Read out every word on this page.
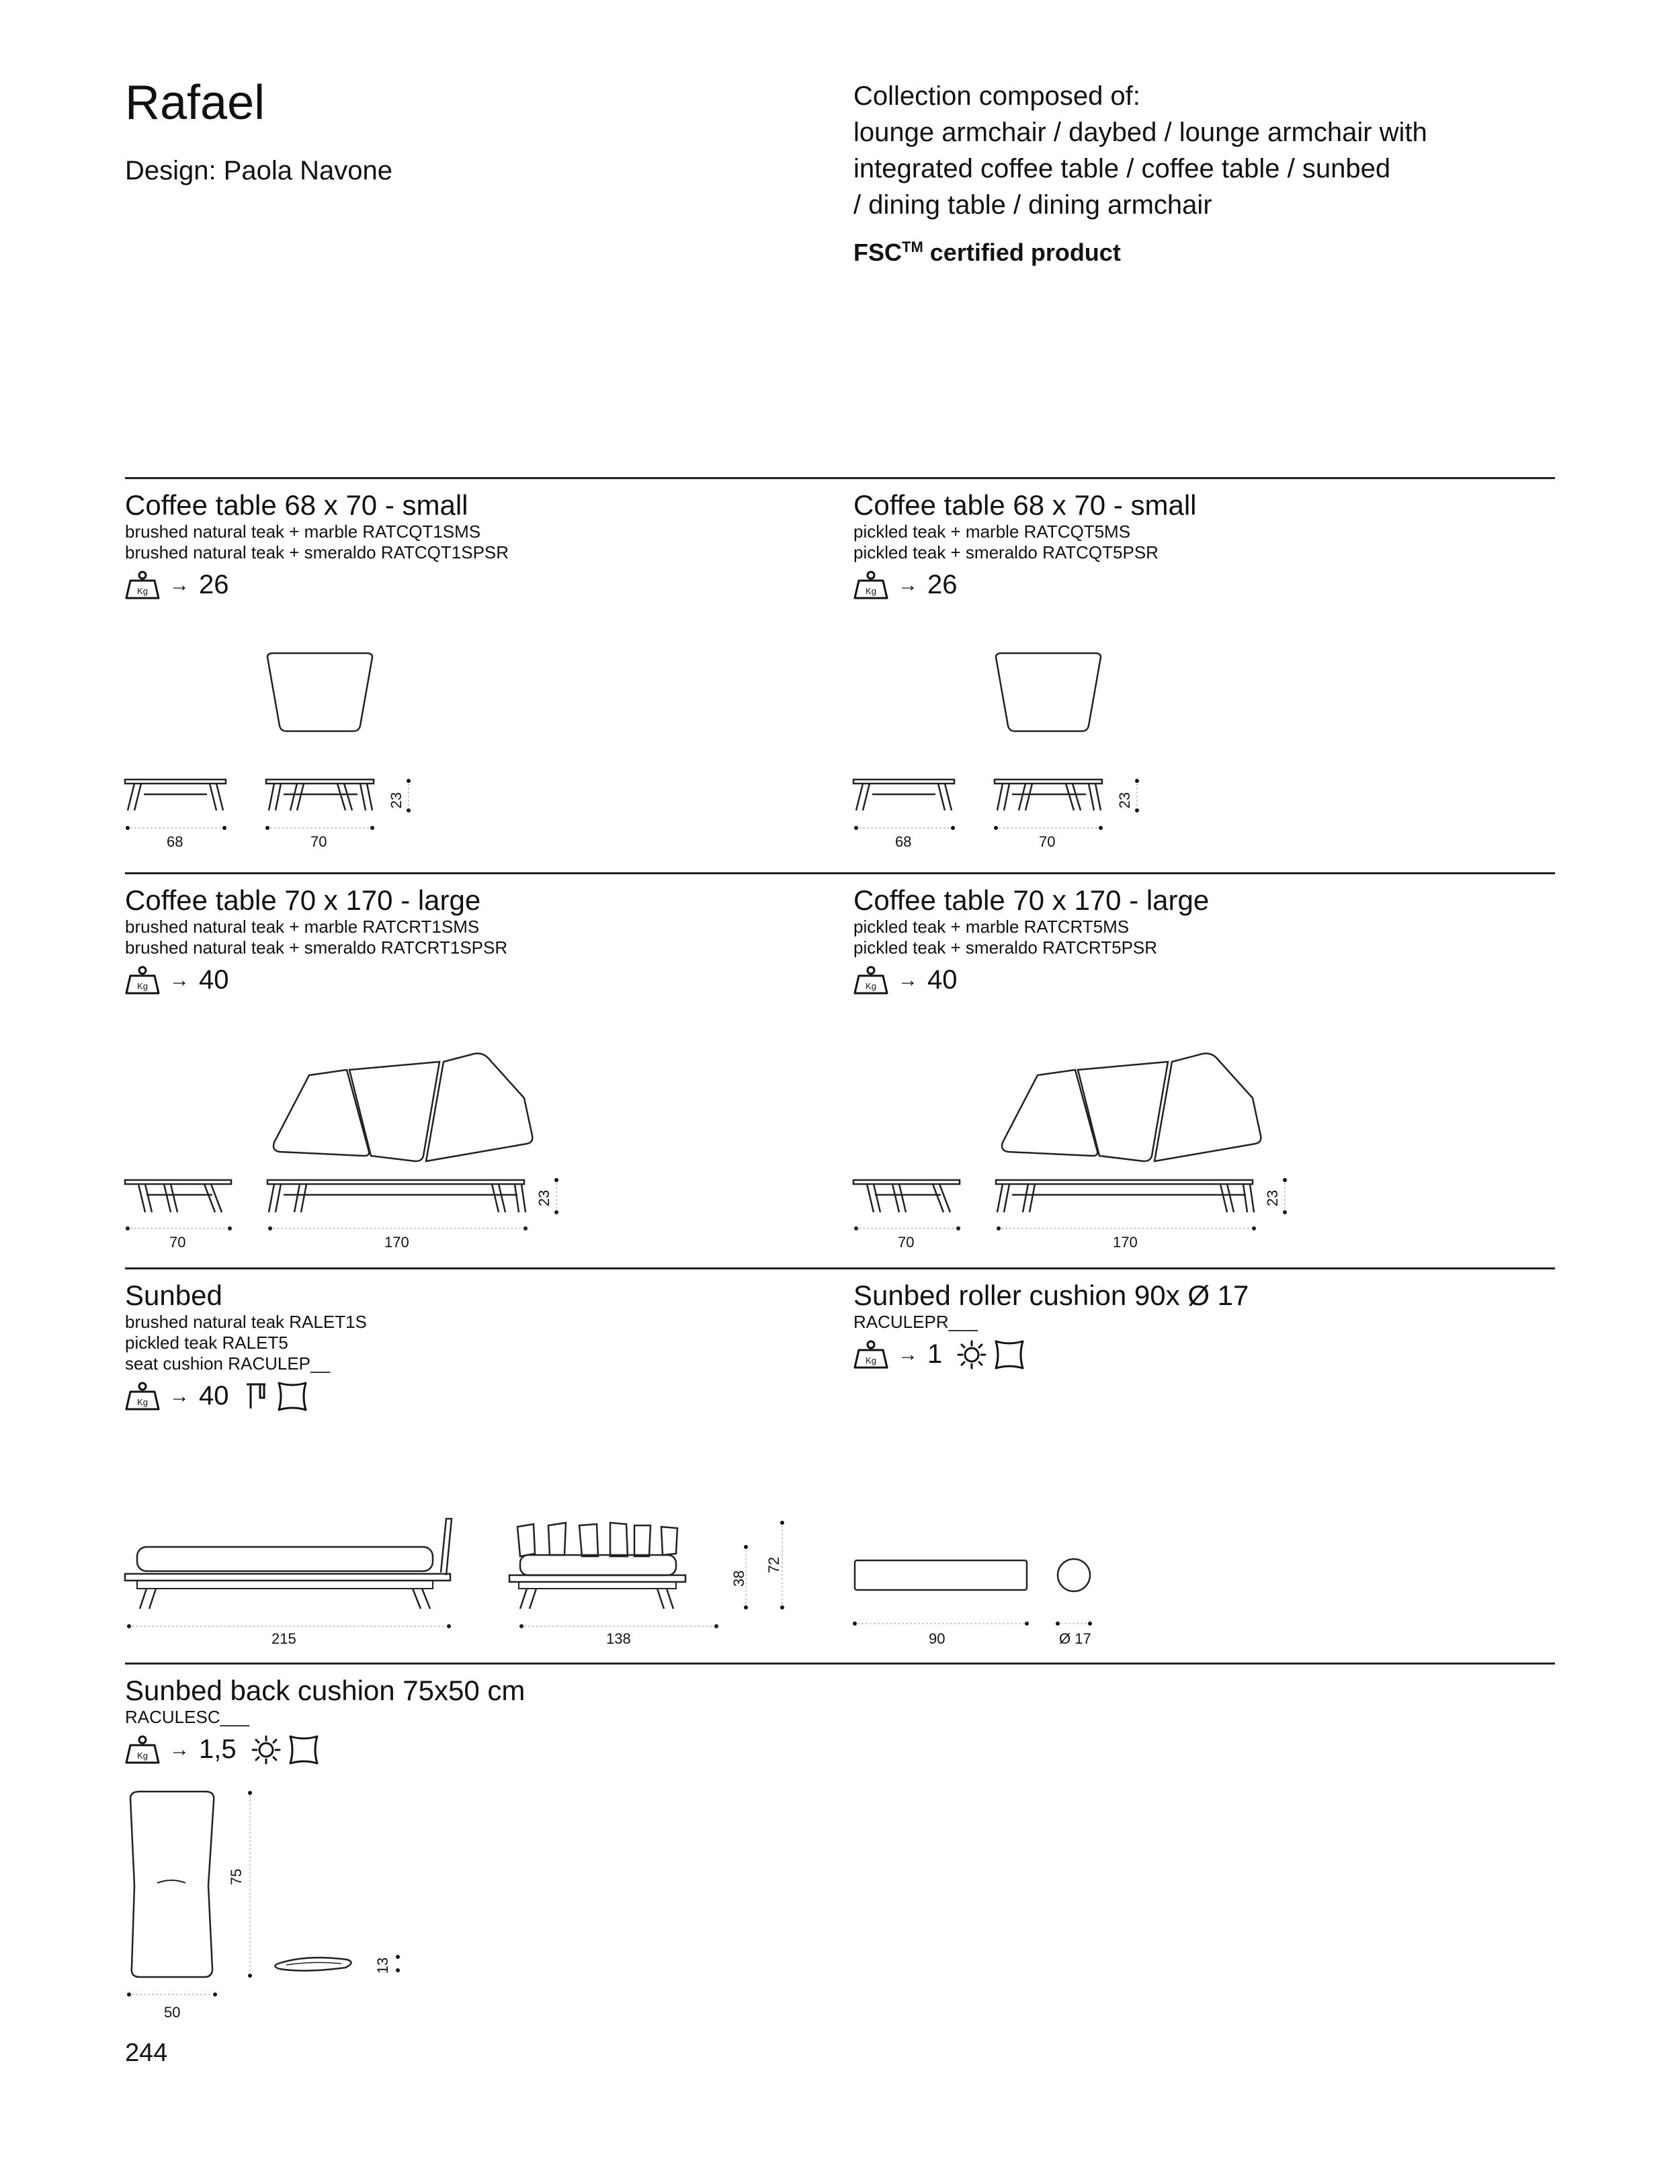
Rafael
Design: Paola Navone
Collection composed of:
lounge armchair / daybed / lounge armchair with
integrated coffee table / coffee table / sunbed
/ dining table / dining armchair
FSC™ certified product
Kg
Coffee table 68 x 70 - small
brushed natural teak + marble RATCQT1SMS
brushed natural teak + smeraldo RATCQT1SPSR
→ 26
68	70
23
Coffee table 68 x 70 - small
pickled teak + marble RATCQT5MS
pickled teak + smeraldo RATCQT5PSR
→ 26
68	70
23
Coffee table 70 x 170 - large
brushed natural teak + marble RATCRT1SMS
brushed natural teak + smeraldo RATCRT1SPSR
→ 40
70	170
23
Coffee table 70 x 170 - large
pickled teak + marble RATCRT5MS
pickled teak + smeraldo RATCRT5PSR
→ 40
70	170
23
Sunbed
brushed natural teak RALET1S
pickled teak RALET5
seat cushion RACULEP__
→ 40
215	138
38
72
Sunbed roller cushion 90x Ø 17
RACULEPR___
→ 1
90	Ø 17
Sunbed back cushion 75x50 cm
RACULESC___
→ 1,5
75
13
50
244
